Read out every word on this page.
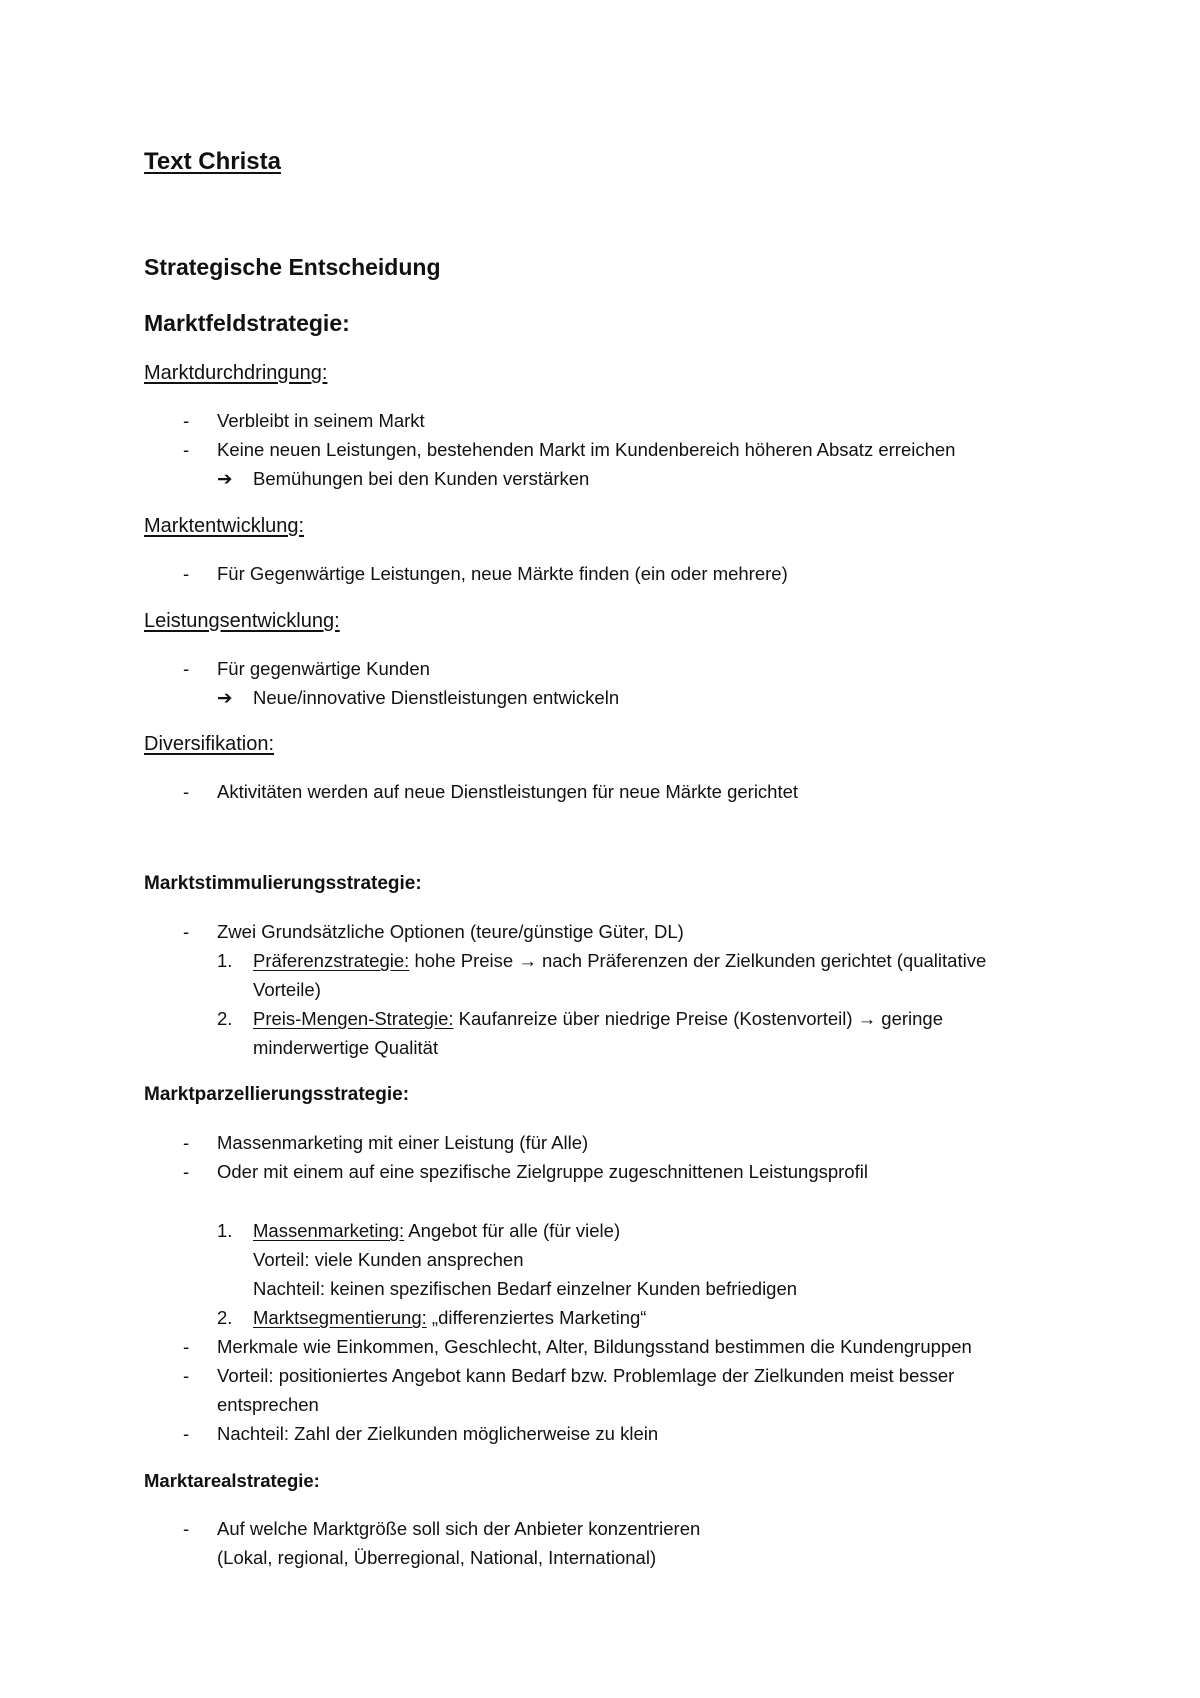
Text Christa
Strategische Entscheidung
Marktfeldstrategie:
Marktdurchdringung:
- Verbleibt in seinem Markt
- Keine neuen Leistungen, bestehenden Markt im Kundenbereich höheren Absatz erreichen
➔ Bemühungen bei den Kunden verstärken
Marktentwicklung:
- Für Gegenwärtige Leistungen, neue Märkte finden (ein oder mehrere)
Leistungsentwicklung:
- Für gegenwärtige Kunden
➔ Neue/innovative Dienstleistungen entwickeln
Diversifikation:
- Aktivitäten werden auf neue Dienstleistungen für neue Märkte gerichtet
Marktstimmulierungsstrategie:
- Zwei Grundsätzliche Optionen (teure/günstige Güter, DL)
1. Präferenzstrategie: hohe Preise → nach Präferenzen der Zielkunden gerichtet (qualitative
Vorteile)
2. Preis-Mengen-Strategie: Kaufanreize über niedrige Preise (Kostenvorteil) → geringe
minderwertige Qualität
Marktparzellierungsstrategie:
- Massenmarketing mit einer Leistung (für Alle)
- Oder mit einem auf eine spezifische Zielgruppe zugeschnittenen Leistungsprofil
1. Massenmarketing: Angebot für alle (für viele)
Vorteil: viele Kunden ansprechen
Nachteil: keinen spezifischen Bedarf einzelner Kunden befriedigen
2. Marktsegmentierung: „differenziertes Marketing“
- Merkmale wie Einkommen, Geschlecht, Alter, Bildungsstand bestimmen die Kundengruppen
- Vorteil: positioniertes Angebot kann Bedarf bzw. Problemlage der Zielkunden meist besser
entsprechen
- Nachteil: Zahl der Zielkunden möglicherweise zu klein
Marktarealstrategie:
- Auf welche Marktgröße soll sich der Anbieter konzentrieren
(Lokal, regional, Überregional, National, International)
